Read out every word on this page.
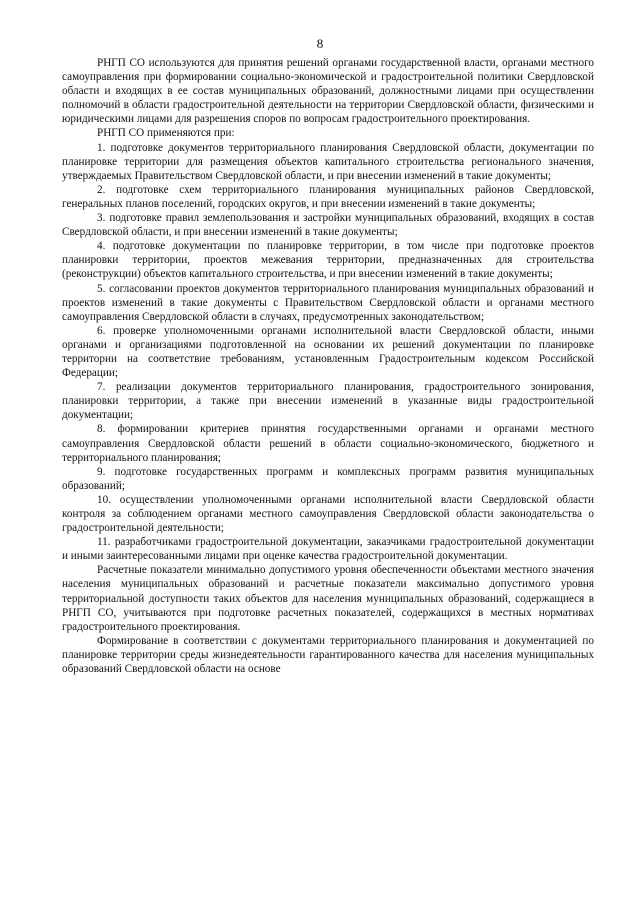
8

РНГП СО используются для принятия решений органами государственной власти, органами местного самоуправления при формировании социально-экономической и градостроительной политики Свердловской области и входящих в ее состав муниципальных образований, должностными лицами при осуществлении полномочий в области градостроительной деятельности на территории Свердловской области, физическими и юридическими лицами для разрешения споров по вопросам градостроительного проектирования.

РНГП СО применяются при:

1. подготовке документов территориального планирования Свердловской области, документации по планировке территории для размещения объектов капитального строительства регионального значения, утверждаемых Правительством Свердловской области, и при внесении изменений в такие документы;

2. подготовке схем территориального планирования муниципальных районов Свердловской, генеральных планов поселений, городских округов, и при внесении изменений в такие документы;

3. подготовке правил землепользования и застройки муниципальных образований, входящих в состав Свердловской области, и при внесении изменений в такие документы;

4. подготовке документации по планировке территории, в том числе при подготовке проектов планировки территории, проектов межевания территории, предназначенных для строительства (реконструкции) объектов капитального строительства, и при внесении изменений в такие документы;

5. согласовании проектов документов территориального планирования муниципальных образований и проектов изменений в такие документы с Правительством Свердловской области и органами местного самоуправления Свердловской области в случаях, предусмотренных законодательством;

6. проверке уполномоченными органами исполнительной власти Свердловской области, иными органами и организациями подготовленной на основании их решений документации по планировке территории на соответствие требованиям, установленным Градостроительным кодексом Российской Федерации;

7. реализации документов территориального планирования, градостроительного зонирования, планировки территории, а также при внесении изменений в указанные виды градостроительной документации;

8. формировании критериев принятия государственными органами и органами местного самоуправления Свердловской области решений в области социально-экономического, бюджетного и территориального планирования;

9. подготовке государственных программ и комплексных программ развития муниципальных образований;

10. осуществлении уполномоченными органами исполнительной власти Свердловской области контроля за соблюдением органами местного самоуправления Свердловской области законодательства о градостроительной деятельности;

11. разработчиками градостроительной документации, заказчиками градостроительной документации и иными заинтересованными лицами при оценке качества градостроительной документации.

Расчетные показатели минимально допустимого уровня обеспеченности объектами местного значения населения муниципальных образований и расчетные показатели максимально допустимого уровня территориальной доступности таких объектов для населения муниципальных образований, содержащиеся в РНГП СО, учитываются при подготовке расчетных показателей, содержащихся в местных нормативах градостроительного проектирования.

Формирование в соответствии с документами территориального планирования и документацией по планировке территории среды жизнедеятельности гарантированного качества для населения муниципальных образований Свердловской области на основе
